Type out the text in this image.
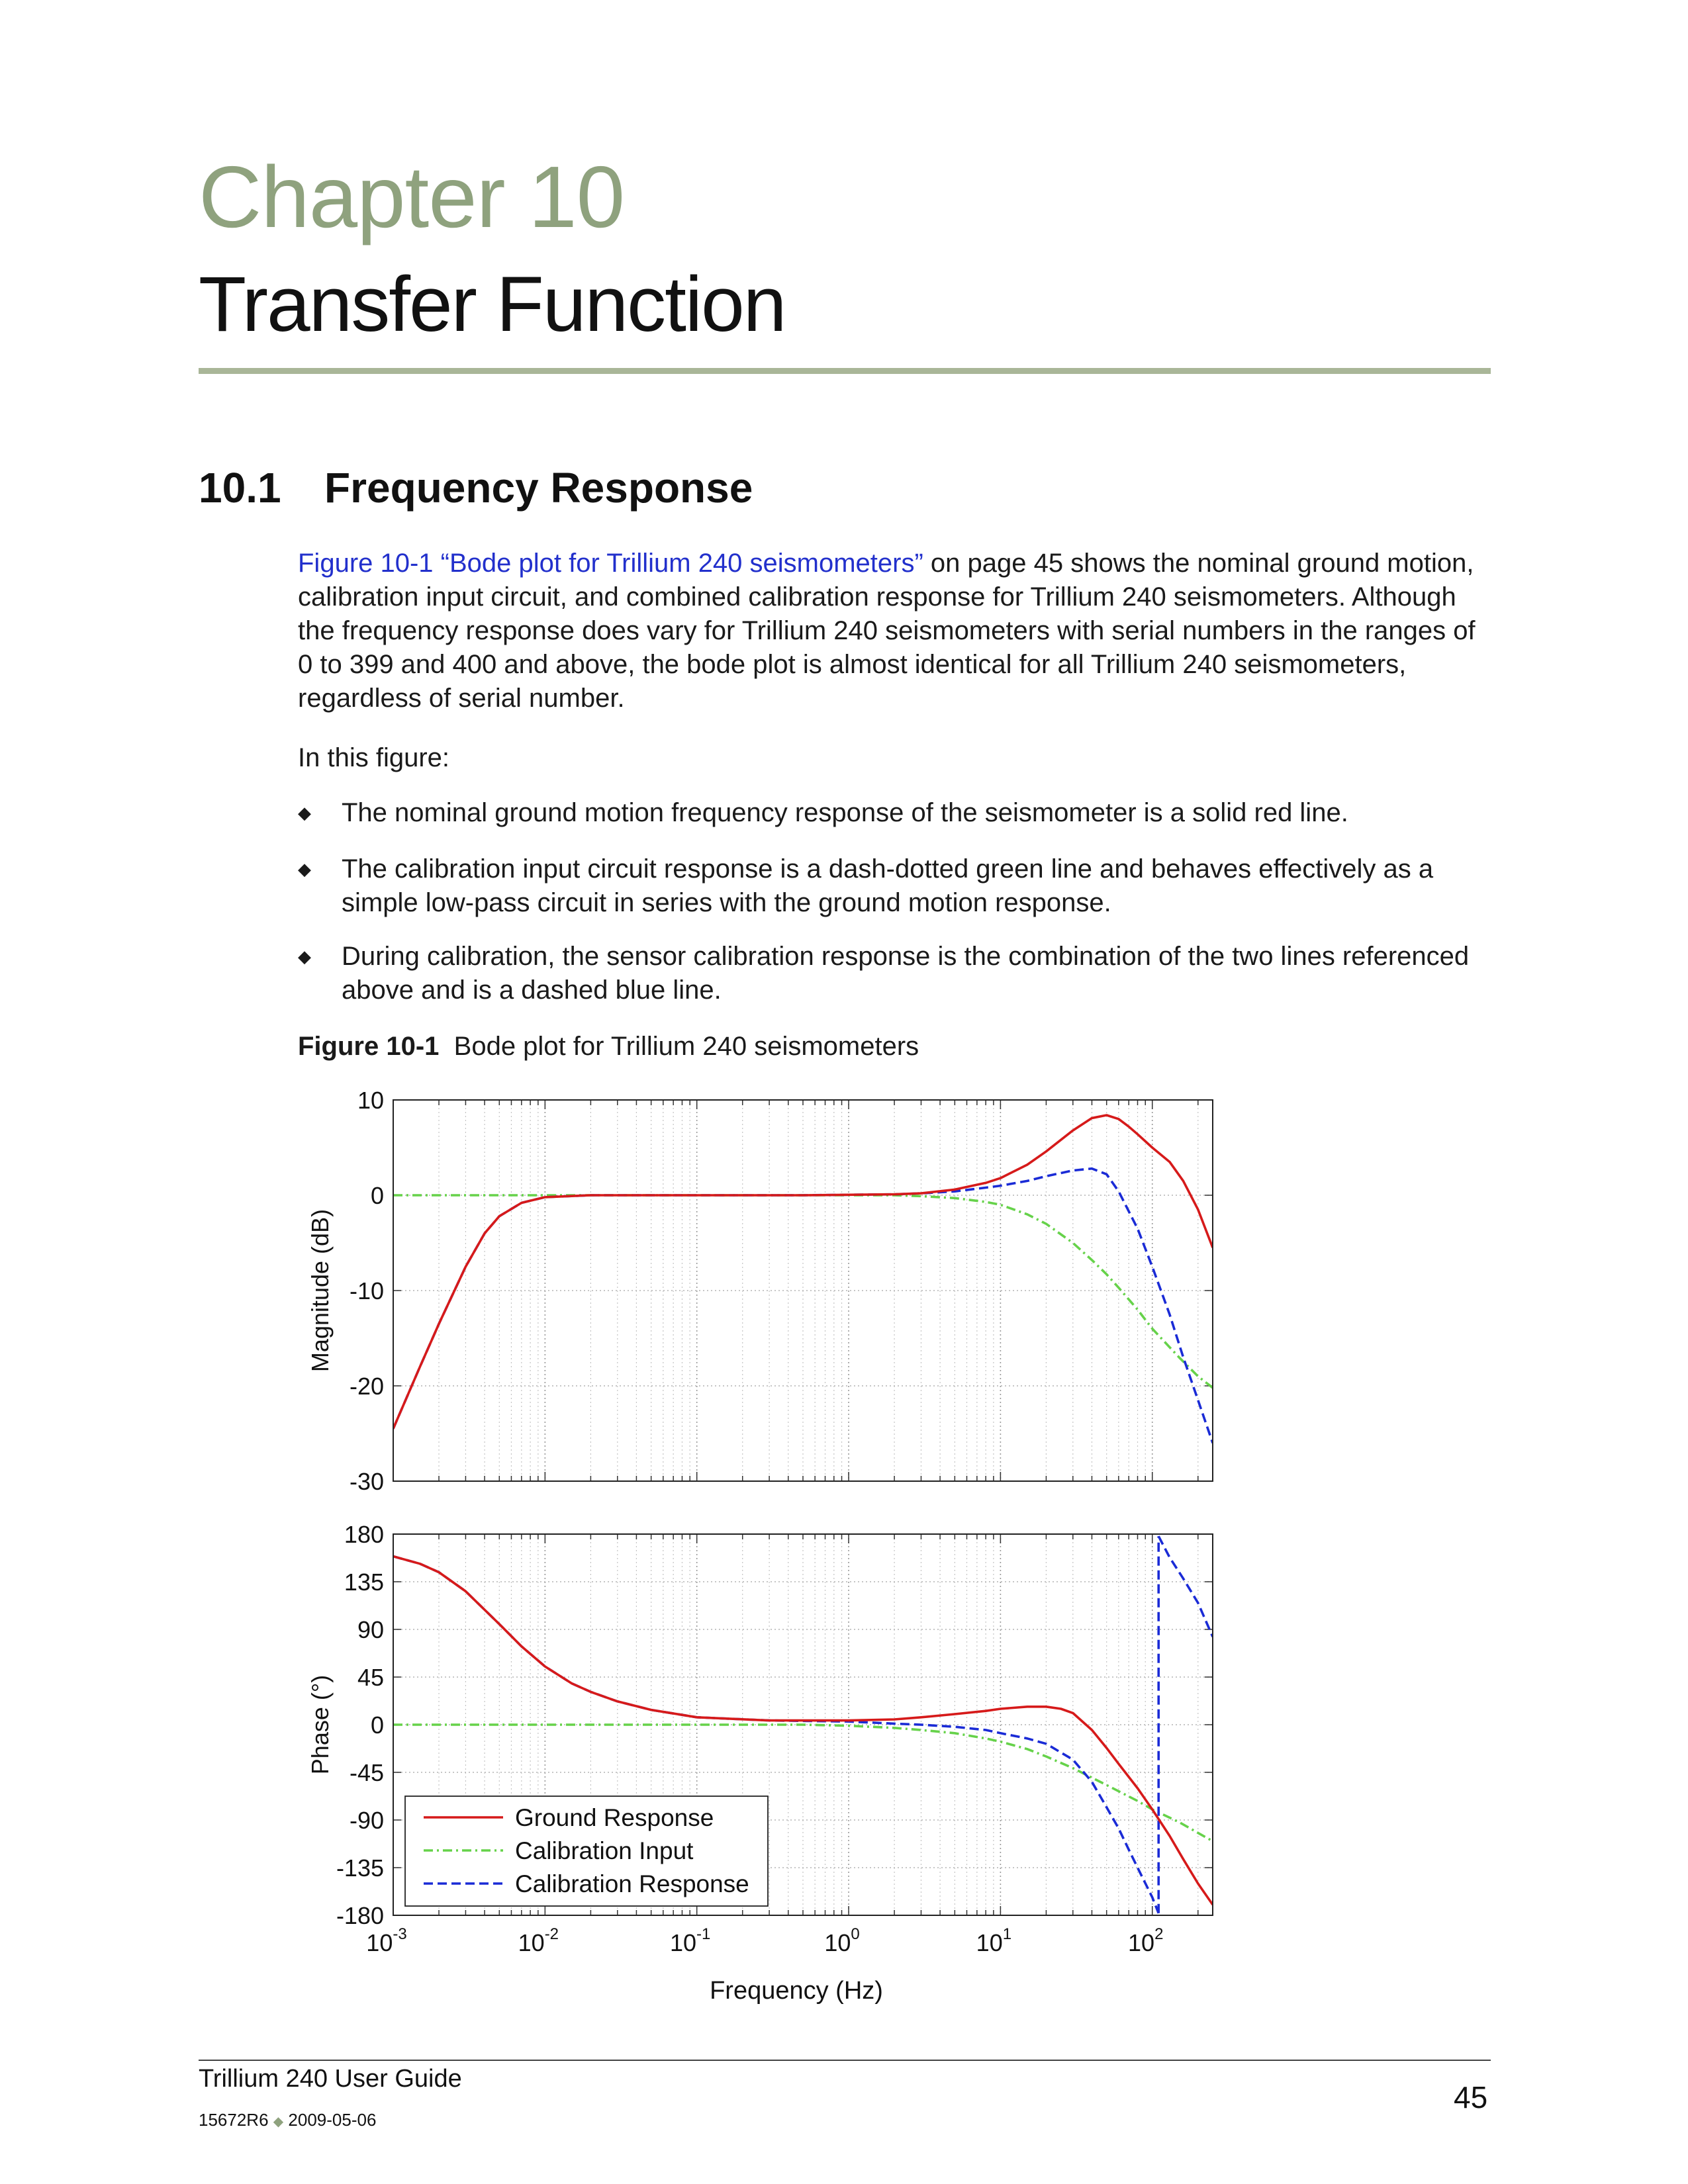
Chapter 10
Transfer Function
10.1 Frequency Response
Figure 10-1 “Bode plot for Trillium 240 seismometers” on page 45 shows the nominal ground motion, calibration input circuit, and combined calibration response for Trillium 240 seismometers. Although the frequency response does vary for Trillium 240 seismometers with serial numbers in the ranges of 0 to 399 and 400 and above, the bode plot is almost identical for all Trillium 240 seismometers, regardless of serial number.
In this figure:
◆	The nominal ground motion frequency response of the seismometer is a solid red line.
◆	The calibration input circuit response is a dash-dotted green line and behaves effectively as a simple low-pass circuit in series with the ground motion response.
◆	During calibration, the sensor calibration response is the combination of the two lines referenced above and is a dashed blue line.
Figure 10-1 Bode plot for Trillium 240 seismometers
10
0
-10
-20
-30
Magnitude (dB)
180
135
90
45
0
-45
-90
-135
-180
Phase (°)
$10^{-3}$	$10^{-2}$	$10^{-1}$	$10^0$	$10^1$	$10^2$
Frequency (Hz)
Ground Response
Calibration Input
Calibration Response
Trillium 240 User Guide
15672R6 ◆ 2009-05-06
45
